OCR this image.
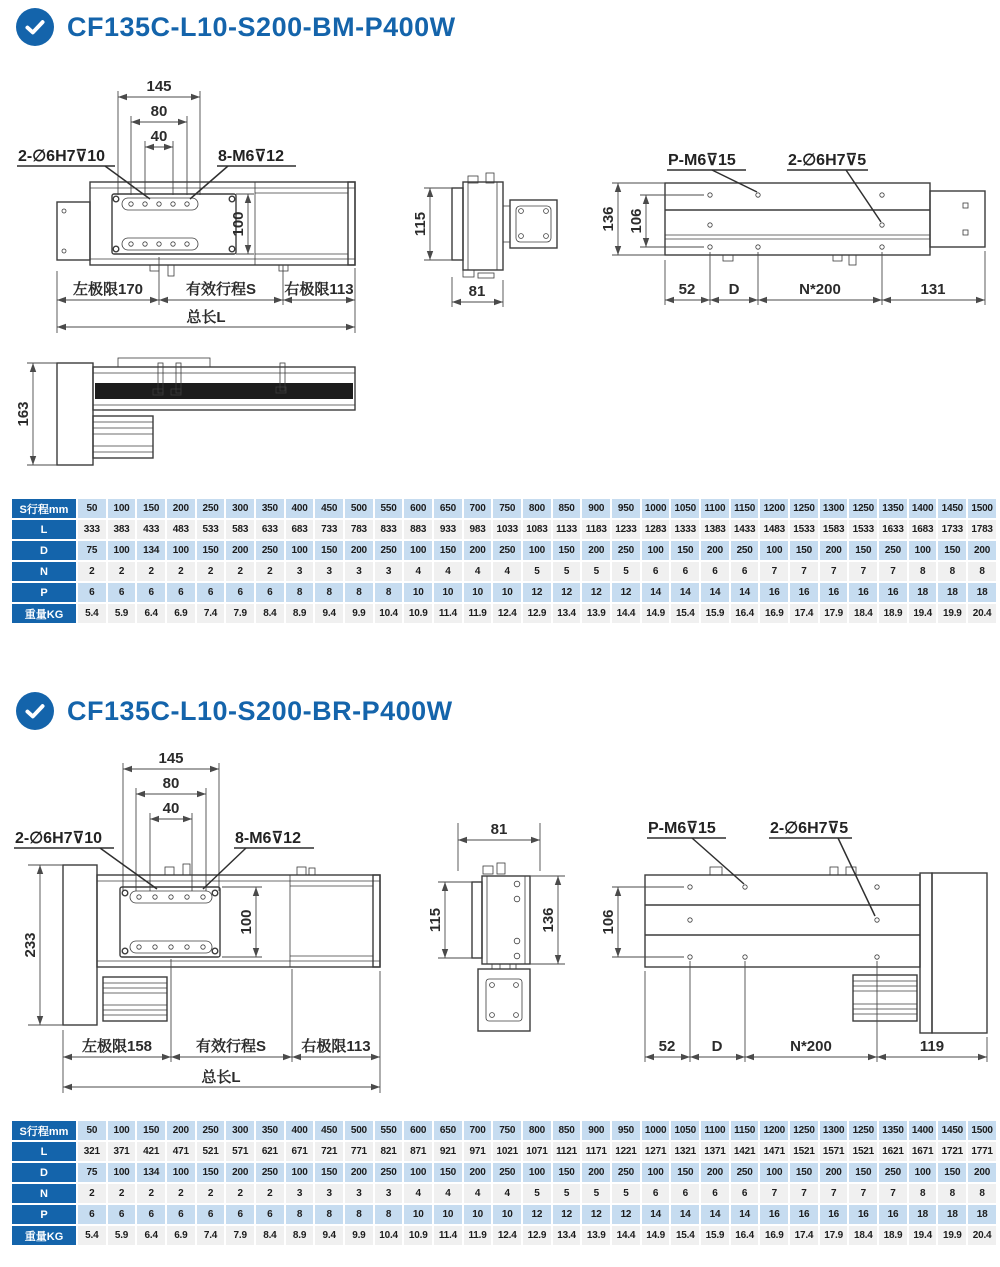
CF135C-L10-S200-BM-P400W
145
80
40
2-∅6H7⊽10	8-M6⊽12
100
左极限170	有效行程S 右极限113
总长L
115
81
P-M6⊽15	2-∅6H7⊽5
136 106
52 D	N*200	131
163
S行程mm	50	100	150	200	250	300	350	400	450	500	550	600	650	700	750	800	850	900	950	1000	1050	1100	1150	1200	1250	1300	1250	1350	1400	1450	1500
L	333	383	433	483	533	583	633	683	733	783	833	883	933	983	1033	1083	1133	1183	1233	1283	1333	1383	1433	1483	1533	1583	1533	1633	1683	1733	1783
D	75	100	134	100	150	200	250	100	150	200	250	100	150	200	250	100	150	200	250	100	150	200	250	100	150	200	150	250	100	150	200
N	2	2	2	2	2	2	2	3	3	3	3	4	4	4	4	5	5	5	5	6	6	6	6	7	7	7	7	7	8	8	8
P	6	6	6	6	6	6	6	8	8	8	8	10	10	10	10	12	12	12	12	14	14	14	14	16	16	16	16	16	18	18	18
重量KG	5.4	5.9	6.4	6.9	7.4	7.9	8.4	8.9	9.4	9.9	10.4	10.9	11.4	11.9	12.4	12.9	13.4	13.9	14.4	14.9	15.4	15.9	16.4	16.9	17.4	17.9	18.4	18.9	19.4	19.9	20.4
CF135C-L10-S200-BR-P400W
145
80
40
2-∅6H7⊽10	8-M6⊽12
100
233
左极限158	有效行程S 右极限113
总长L
81
115	136
P-M6⊽15	2-∅6H7⊽5
106
52 D	N*200	119
S行程mm	50	100	150	200	250	300	350	400	450	500	550	600	650	700	750	800	850	900	950	1000	1050	1100	1150	1200	1250	1300	1250	1350	1400	1450	1500
L	321	371	421	471	521	571	621	671	721	771	821	871	921	971	1021	1071	1121	1171	1221	1271	1321	1371	1421	1471	1521	1571	1521	1621	1671	1721	1771
D	75	100	134	100	150	200	250	100	150	200	250	100	150	200	250	100	150	200	250	100	150	200	250	100	150	200	150	250	100	150	200
N	2	2	2	2	2	2	2	3	3	3	3	4	4	4	4	5	5	5	5	6	6	6	6	7	7	7	7	7	8	8	8
P	6	6	6	6	6	6	6	8	8	8	8	10	10	10	10	12	12	12	12	14	14	14	14	16	16	16	16	16	18	18	18
重量KG	5.4	5.9	6.4	6.9	7.4	7.9	8.4	8.9	9.4	9.9	10.4	10.9	11.4	11.9	12.4	12.9	13.4	13.9	14.4	14.9	15.4	15.9	16.4	16.9	17.4	17.9	18.4	18.9	19.4	19.9	20.4
